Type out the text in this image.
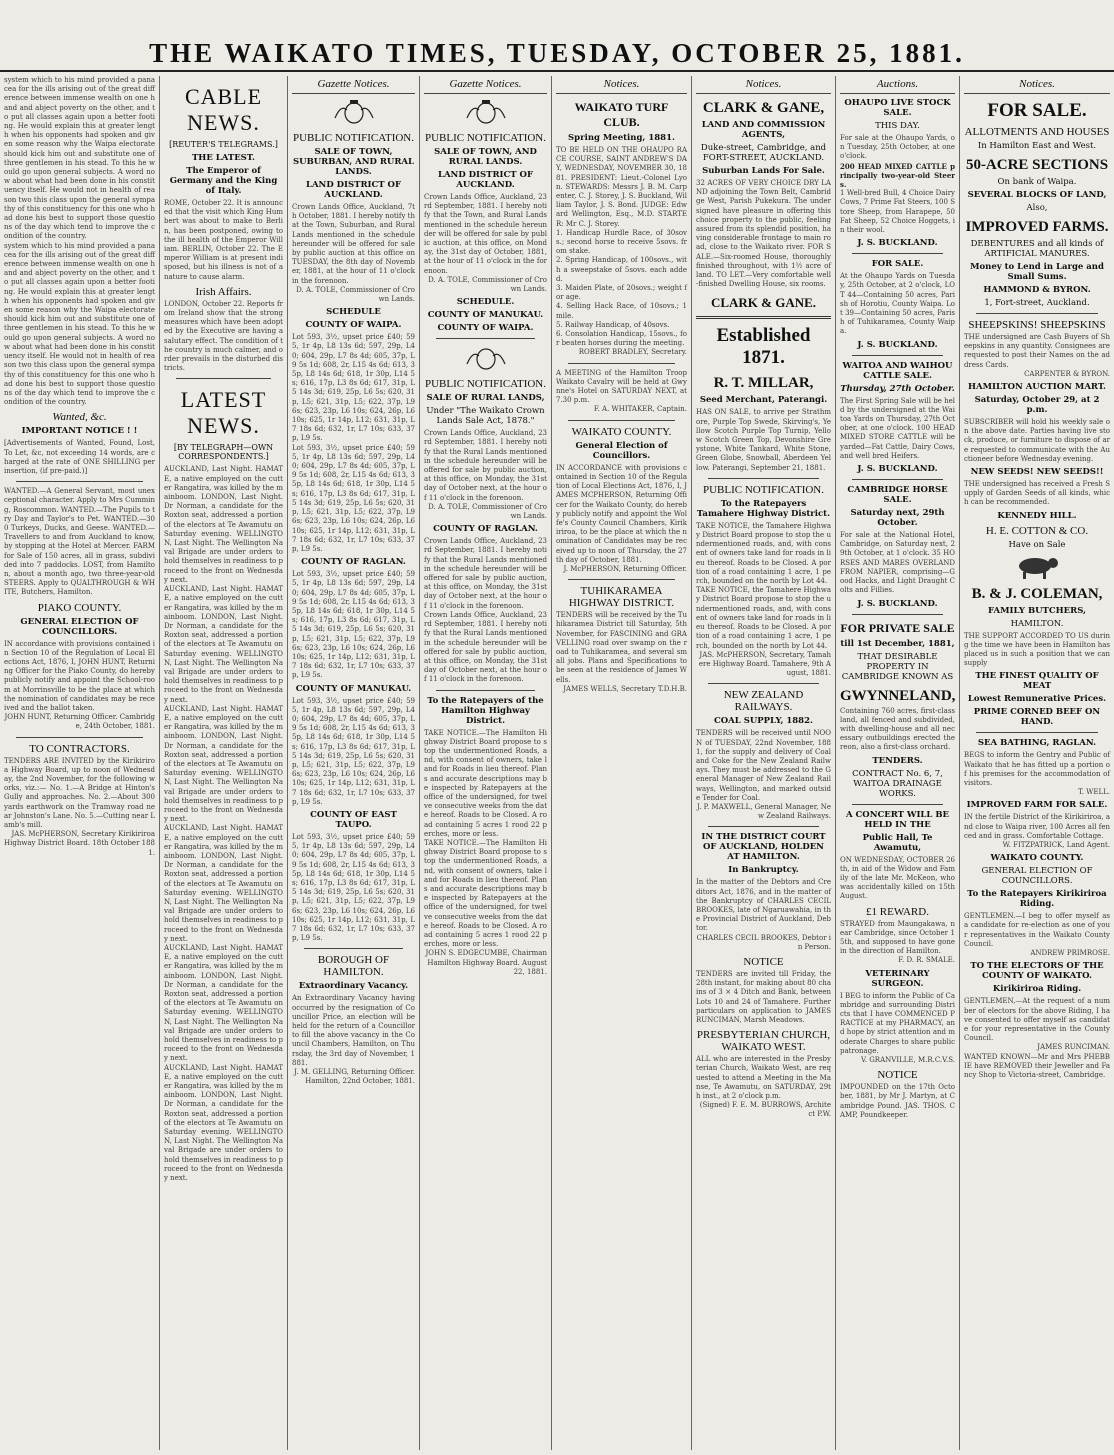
THE WAIKATO TIMES, TUESDAY, OCTOBER 25, 1881.
system which to his mind provided a panacea for the ills arising out of the great difference between immense wealth on one hand and abject poverty on the other, and to put all classes again upon a better footing. He would explain this at greater length when his opponents had spoken and given some reason why the Waipa electorate should kick him out and substitute one of three gentlemen in his stead. To this he would go upon general subjects. A word now about what had been done in his constituency itself. He would not in health of reason two this class upon the general sympathy of this constituency for this one who had done his best to support those questions of the day which tend to improve the condition of the country.
system which to his mind provided a panacea for the ills arising out of the great difference between immense wealth on one hand and abject poverty on the other, and to put all classes again upon a better footing. He would explain this at greater length when his opponents had spoken and given some reason why the Waipa electorate should kick him out and substitute one of three gentlemen in his stead. To this he would go upon general subjects. A word now about what had been done in his constituency itself. He would not in health of reason two this class upon the general sympathy of this constituency for this one who had done his best to support those questions of the day which tend to improve the condition of the country.
Wanted, &c.
IMPORTANT NOTICE ! !
[Advertisements of Wanted, Found, Lost, To Let, &c, not exceeding 14 words, are charged at the rate of ONE SHILLING per insertion, (if pre-paid.)]
WANTED.—A General Servant, most unexceptional character. Apply to Mrs Cumming, Roscommon. WANTED.—The Pupils to try Day and Taylor's to Pet. WANTED.—300 Turkeys, Ducks, and Geese. WANTED.—Travellers to and from Auckland to know, by stopping at the Hotel at Mercer. FARM for Sale of 150 acres, all in grass, subdivided into 7 paddocks. LOST, from Hamilton, about a month ago, two three-year-old STEERS. Apply to QUALTHROUGH & WHITE, Butchers, Hamilton.
PIAKO COUNTY.
GENERAL ELECTION OF COUNCILLORS.
IN accordance with provisions contained in Section 10 of the Regulation of Local Elections Act, 1876, I, JOHN HUNT, Returning Officer for the Piako County, do hereby publicly notify and appoint the School-room at Morrinsville to be the place at which the nomination of candidates may be received and the ballot taken.
JOHN HUNT, Returning Officer. Cambridge, 24th October, 1881.
TO CONTRACTORS.
TENDERS ARE INVITED by the Kirikiriroa Highway Board, up to noon of Wednesday, the 2nd November, for the following works, viz.:— No. 1.—A Bridge at Hinton's Gully and approaches. No. 2.—About 300 yards earthwork on the Tramway road near Johnston's Lane. No. 5.—Cutting near Lamb's mill.
JAS. McPHERSON, Secretary Kirikiriroa Highway District Board. 18th October 1881.
CABLE NEWS.
[REUTER'S TELEGRAMS.]
THE LATEST.
The Emperor of Germany and the King of Italy.
ROME, October 22. It is announced that the visit which King Humbert was about to make to Berlin, has been postponed, owing to the ill health of the Emperor William. BERLIN, October 22. The Emperor William is at present indisposed, but his illness is not of a nature to cause alarm.
Irish Affairs.
LONDON, October 22. Reports from Ireland show that the strong measures which have been adopted by the Executive are having a salutary effect. The condition of the country is much calmer, and order prevails in the disturbed districts.
LATEST NEWS.
[BY TELEGRAPH—OWN CORRESPONDENTS.]
AUCKLAND, Last Night. HAMATE, a native employed on the cutter Rangatira, was killed by the mainboom. LONDON, Last Night. Dr Norman, a candidate for the Roxton seat, addressed a portion of the electors at Te Awamutu on Saturday evening. WELLINGTON, Last Night. The Wellington Naval Brigade are under orders to hold themselves in readiness to proceed to the front on Wednesday next.
AUCKLAND, Last Night. HAMATE, a native employed on the cutter Rangatira, was killed by the mainboom. LONDON, Last Night. Dr Norman, a candidate for the Roxton seat, addressed a portion of the electors at Te Awamutu on Saturday evening. WELLINGTON, Last Night. The Wellington Naval Brigade are under orders to hold themselves in readiness to proceed to the front on Wednesday next.
AUCKLAND, Last Night. HAMATE, a native employed on the cutter Rangatira, was killed by the mainboom. LONDON, Last Night. Dr Norman, a candidate for the Roxton seat, addressed a portion of the electors at Te Awamutu on Saturday evening. WELLINGTON, Last Night. The Wellington Naval Brigade are under orders to hold themselves in readiness to proceed to the front on Wednesday next.
AUCKLAND, Last Night. HAMATE, a native employed on the cutter Rangatira, was killed by the mainboom. LONDON, Last Night. Dr Norman, a candidate for the Roxton seat, addressed a portion of the electors at Te Awamutu on Saturday evening. WELLINGTON, Last Night. The Wellington Naval Brigade are under orders to hold themselves in readiness to proceed to the front on Wednesday next.
AUCKLAND, Last Night. HAMATE, a native employed on the cutter Rangatira, was killed by the mainboom. LONDON, Last Night. Dr Norman, a candidate for the Roxton seat, addressed a portion of the electors at Te Awamutu on Saturday evening. WELLINGTON, Last Night. The Wellington Naval Brigade are under orders to hold themselves in readiness to proceed to the front on Wednesday next.
AUCKLAND, Last Night. HAMATE, a native employed on the cutter Rangatira, was killed by the mainboom. LONDON, Last Night. Dr Norman, a candidate for the Roxton seat, addressed a portion of the electors at Te Awamutu on Saturday evening. WELLINGTON, Last Night. The Wellington Naval Brigade are under orders to hold themselves in readiness to proceed to the front on Wednesday next.
Gazette Notices.
PUBLIC NOTIFICATION.
SALE OF TOWN, SUBURBAN, AND RURAL LANDS.
LAND DISTRICT OF AUCKLAND.
Crown Lands Office, Auckland, 7th October, 1881. I hereby notify that the Town, Suburban, and Rural Lands mentioned in the schedule hereunder will be offered for sale by public auction at this office on TUESDAY, the 8th day of November, 1881, at the hour of 11 o'clock in the forenoon.
D. A. TOLE, Commissioner of Crown Lands.
SCHEDULE
COUNTY OF WAIPA.
Lot 593, 3½, upset price £40; 595, 1r 4p, L8 13s 6d; 597, 29p, L40; 604, 29p, L7 8s 4d; 605, 37p, L9 5s 1d; 608, 2r, L15 4s 6d; 613, 35p, L8 14s 6d; 618, 1r 30p, L14 5s; 616, 17p, L3 8s 6d; 617, 31p, L5 14s 3d; 619, 25p, L6 5s; 620, 31p, L5; 621, 31p, L5; 622, 37p, L9 6s; 623, 23p, L6 10s; 624, 26p, L6 10s; 625, 1r 14p, L12; 631, 31p, L7 18s 6d; 632, 1r, L7 10s; 633, 37p, L9 5s.
Lot 593, 3½, upset price £40; 595, 1r 4p, L8 13s 6d; 597, 29p, L40; 604, 29p, L7 8s 4d; 605, 37p, L9 5s 1d; 608, 2r, L15 4s 6d; 613, 35p, L8 14s 6d; 618, 1r 30p, L14 5s; 616, 17p, L3 8s 6d; 617, 31p, L5 14s 3d; 619, 25p, L6 5s; 620, 31p, L5; 621, 31p, L5; 622, 37p, L9 6s; 623, 23p, L6 10s; 624, 26p, L6 10s; 625, 1r 14p, L12; 631, 31p, L7 18s 6d; 632, 1r, L7 10s; 633, 37p, L9 5s.
COUNTY OF RAGLAN.
Lot 593, 3½, upset price £40; 595, 1r 4p, L8 13s 6d; 597, 29p, L40; 604, 29p, L7 8s 4d; 605, 37p, L9 5s 1d; 608, 2r, L15 4s 6d; 613, 35p, L8 14s 6d; 618, 1r 30p, L14 5s; 616, 17p, L3 8s 6d; 617, 31p, L5 14s 3d; 619, 25p, L6 5s; 620, 31p, L5; 621, 31p, L5; 622, 37p, L9 6s; 623, 23p, L6 10s; 624, 26p, L6 10s; 625, 1r 14p, L12; 631, 31p, L7 18s 6d; 632, 1r, L7 10s; 633, 37p, L9 5s.
COUNTY OF MANUKAU.
Lot 593, 3½, upset price £40; 595, 1r 4p, L8 13s 6d; 597, 29p, L40; 604, 29p, L7 8s 4d; 605, 37p, L9 5s 1d; 608, 2r, L15 4s 6d; 613, 35p, L8 14s 6d; 618, 1r 30p, L14 5s; 616, 17p, L3 8s 6d; 617, 31p, L5 14s 3d; 619, 25p, L6 5s; 620, 31p, L5; 621, 31p, L5; 622, 37p, L9 6s; 623, 23p, L6 10s; 624, 26p, L6 10s; 625, 1r 14p, L12; 631, 31p, L7 18s 6d; 632, 1r, L7 10s; 633, 37p, L9 5s.
COUNTY OF EAST TAUPO.
Lot 593, 3½, upset price £40; 595, 1r 4p, L8 13s 6d; 597, 29p, L40; 604, 29p, L7 8s 4d; 605, 37p, L9 5s 1d; 608, 2r, L15 4s 6d; 613, 35p, L8 14s 6d; 618, 1r 30p, L14 5s; 616, 17p, L3 8s 6d; 617, 31p, L5 14s 3d; 619, 25p, L6 5s; 620, 31p, L5; 621, 31p, L5; 622, 37p, L9 6s; 623, 23p, L6 10s; 624, 26p, L6 10s; 625, 1r 14p, L12; 631, 31p, L7 18s 6d; 632, 1r, L7 10s; 633, 37p, L9 5s.
BOROUGH OF HAMILTON.
Extraordinary Vacancy.
An Extraordinary Vacancy having occurred by the resignation of Councillor Price, an election will be held for the return of a Councillor to fill the above vacancy in the Council Chambers, Hamilton, on Thursday, the 3rd day of November, 1881.
J. M. GELLING, Returning Officer. Hamilton, 22nd October, 1881.
Gazette Notices.
PUBLIC NOTIFICATION.
SALE OF TOWN, AND RURAL LANDS.
LAND DISTRICT OF AUCKLAND.
Crown Lands Office, Auckland, 23rd September, 1881. I hereby notify that the Town, and Rural Lands mentioned in the schedule hereunder will be offered for sale by public auction, at this office, on Monday, the 31st day of October, 1881, at the hour of 11 o'clock in the forenoon.
D. A. TOLE, Commissioner of Crown Lands.
SCHEDULE.
COUNTY OF MANUKAU.
COUNTY OF WAIPA.
PUBLIC NOTIFICATION.
SALE OF RURAL LANDS,
Under "The Waikato Crown Lands Sale Act, 1878."
Crown Lands Office, Auckland, 23rd September, 1881. I hereby notify that the Rural Lands mentioned in the schedule hereunder will be offered for sale by public auction, at this office, on Monday, the 31st day of October next, at the hour of 11 o'clock in the forenoon.
D. A. TOLE, Commissioner of Crown Lands.
COUNTY OF RAGLAN.
Crown Lands Office, Auckland, 23rd September, 1881. I hereby notify that the Rural Lands mentioned in the schedule hereunder will be offered for sale by public auction, at this office, on Monday, the 31st day of October next, at the hour of 11 o'clock in the forenoon.
Crown Lands Office, Auckland, 23rd September, 1881. I hereby notify that the Rural Lands mentioned in the schedule hereunder will be offered for sale by public auction, at this office, on Monday, the 31st day of October next, at the hour of 11 o'clock in the forenoon.
To the Ratepayers of the Hamilton Highway District.
TAKE NOTICE.—The Hamilton Highway District Board propose to stop the undermentioned Roads, and, with consent of owners, take land for Roads in lieu thereof. Plans and accurate descriptions may be inspected by Ratepayers at the office of the undersigned, for twelve consecutive weeks from the date hereof. Roads to be Closed. A road containing 5 acres 1 rood 22 perches, more or less.
TAKE NOTICE.—The Hamilton Highway District Board propose to stop the undermentioned Roads, and, with consent of owners, take land for Roads in lieu thereof. Plans and accurate descriptions may be inspected by Ratepayers at the office of the undersigned, for twelve consecutive weeks from the date hereof. Roads to be Closed. A road containing 5 acres 1 rood 22 perches, more or less.
JOHN S. EDGECUMBE, Chairman Hamilton Highway Board. August 22, 1881.
Notices.
WAIKATO TURF CLUB.
Spring Meeting, 1881.
TO BE HELD ON THE OHAUPO RACE COURSE, SAINT ANDREW'S DAY, WEDNESDAY, NOVEMBER 30, 1881. PRESIDENT: Lieut.-Colonel Lyon. STEWARDS: Messrs J. B. M. Carpenter, C. J. Storey, J. S. Buckland, William Taylor, J. S. Bond. JUDGE: Edward Wellington, Esq., M.D. STARTER: Mr C. J. Storey.
1. Handicap Hurdle Race, of 30sovs.; second horse to receive 5sovs. from stake.
2. Spring Handicap, of 100sovs., with a sweepstake of 5sovs. each added.
3. Maiden Plate, of 20sovs.; weight for age.
4. Selling Hack Race, of 10sovs.; 1 mile.
5. Railway Handicap, of 40sovs.
6. Consolation Handicap, 15sovs., for beaten horses during the meeting.
ROBERT BRADLEY, Secretary.
A MEETING of the Hamilton Troop Waikato Cavalry will be held at Gwynne's Hotel on SATURDAY NEXT, at 7.30 p.m.
F. A. WHITAKER, Captain.
WAIKATO COUNTY.
General Election of Councillors.
IN ACCORDANCE with provisions contained in Section 10 of the Regulation of Local Elections Act, 1876, I, JAMES MCPHERSON, Returning Officer for the Waikato County, do hereby publicly notify and appoint the Wolfe's County Council Chambers, Kirikiriroa, to be the place at which the nomination of Candidates may be received up to noon of Thursday, the 27th day of October, 1881.
J. McPHERSON, Returning Officer.
TUHIKARAMEA HIGHWAY DISTRICT.
TENDERS will be received by the Tuhikaramea District till Saturday, 5th November, for FASCINING and GRAVELLING road over swamp on the road to Tuhikaramea, and several small jobs. Plans and Specifications to be seen at the residence of James Wells.
JAMES WELLS, Secretary T.D.H.B.
Notices.
CLARK & GANE,
LAND AND COMMISSION AGENTS,
Duke-street, Cambridge, and FORT-STREET, AUCKLAND.
Suburban Lands For Sale.
32 ACRES OF VERY CHOICE DRY LAND adjoining the Town Belt, Cambridge West, Parish Pukekura. The undersigned have pleasure in offering this choice property to the public, feeling assured from its splendid position, having considerable frontage to main road, close to the Waikato river. FOR SALE.—Six-roomed House, thoroughly finished throughout, with 1½ acre of land. TO LET.—Very comfortable well-finished Dwelling House, six rooms.
CLARK & GANE.
Established 1871.
R. T. MILLAR,
Seed Merchant, Paterangi.
HAS ON SALE, to arrive per Strathmore, Purple Top Swede, Skirving's, Yellow Scotch Purple Top Turnip, Yellow Scotch Green Top, Devonshire Greystone, White Tankard, White Stone, Green Globe, Snowball, Aberdeen Yellow. Paterangi, September 21, 1881.
PUBLIC NOTIFICATION.
To the Ratepayers Tamahere Highway District.
TAKE NOTICE, the Tamahere Highway District Board propose to stop the undermentioned roads, and, with consent of owners take land for roads in lieu thereof. Roads to be Closed. A portion of a road containing 1 acre, 1 perch, bounded on the north by Lot 44.
TAKE NOTICE, the Tamahere Highway District Board propose to stop the undermentioned roads, and, with consent of owners take land for roads in lieu thereof. Roads to be Closed. A portion of a road containing 1 acre, 1 perch, bounded on the north by Lot 44.
JAS. McPHERSON, Secretary, Tamahere Highway Board. Tamahere, 9th August, 1881.
NEW ZEALAND RAILWAYS.
COAL SUPPLY, 1882.
TENDERS will be received until NOON of TUESDAY, 22nd November, 1881, for the supply and delivery of Coal and Coke for the New Zealand Railways. They must be addressed to the General Manager of New Zealand Railways, Wellington, and marked outside Tender for Coal.
J. P. MAXWELL, General Manager, New Zealand Railways.
IN THE DISTRICT COURT OF AUCKLAND, HOLDEN AT HAMILTON.
In Bankruptcy.
In the matter of the Debtors and Creditors Act, 1876, and in the matter of the Bankruptcy of CHARLES CECIL BROOKES, late of Ngaruawahia, in the Provincial District of Auckland, Debtor.
CHARLES CECIL BROOKES, Debtor in Person.
NOTICE
TENDERS are invited till Friday, the 28th instant, for making about 80 chains of 3 × 4 Ditch and Bank, between Lots 10 and 24 of Tamahere. Further particulars on application to JAMES RUNCIMAN, Marsh Meadows.
PRESBYTERIAN CHURCH, WAIKATO WEST.
ALL who are interested in the Presbyterian Church, Waikato West, are requested to attend a Meeting in the Manse, Te Awamutu, on SATURDAY, 29th inst., at 2 o'clock p.m.
(Signed) F. E. M. BURROWS, Architect P.W.
Auctions.
OHAUPO LIVE STOCK SALE.
THIS DAY.
For sale at the Ohaupo Yards, on Tuesday, 25th October, at one o'clock.
200 HEAD MIXED CATTLE principally two-year-old Steers.
1 Well-bred Bull, 4 Choice Dairy Cows, 7 Prime Fat Steers, 100 Store Sheep, from Harapepe, 50 Fat Sheep, 52 Choice Hoggets, in their wool.
J. S. BUCKLAND.
FOR SALE.
At the Ohaupo Yards on Tuesday, 25th October, at 2 o'clock, LOT 44—Containing 50 acres, Parish of Horotiu, County Waipa. Lot 39—Containing 50 acres, Parish of Tuhikaramea, County Waipa.
J. S. BUCKLAND.
WAITOA AND WAIHOU CATTLE SALE.
Thursday, 27th October.
The First Spring Sale will be held by the undersigned at the Waitoa Yards on Thursday, 27th October, at one o'clock. 100 HEAD MIXED STORE CATTLE will be yarded—Fat Cattle, Dairy Cows, and well bred Heifers.
J. S. BUCKLAND.
CAMBRIDGE HORSE SALE.
Saturday next, 29th October.
For sale at the National Hotel, Cambridge, on Saturday next, 29th October, at 1 o'clock. 35 HORSES AND MARES OVERLAND FROM NAPIER, comprising—Good Hacks, and Light Draught Colts and Fillies.
J. S. BUCKLAND.
FOR PRIVATE SALE
till 1st December, 1881,
THAT DESIRABLE PROPERTY IN CAMBRIDGE KNOWN AS
GWYNNELAND,
Containing 760 acres, first-class land, all fenced and subdivided, with dwelling-house and all necessary outbuildings erected thereon, also a first-class orchard.
TENDERS.
CONTRACT No. 6, 7, WAITOA DRAINAGE WORKS.
A CONCERT WILL BE HELD IN THE
Public Hall, Te Awamutu,
ON WEDNESDAY, OCTOBER 26th, in aid of the Widow and Family of the late Mr. McKeon, who was accidentally killed on 15th August.
£1 REWARD.
STRAYED from Maungakawa, near Cambridge, since October 15th, and supposed to have gone in the direction of Hamilton.
F. D. R. SMALE.
VETERINARY SURGEON.
I BEG to inform the Public of Cambridge and surrounding Districts that I have COMMENCED PRACTICE at my PHARMACY, and hope by strict attention and moderate Charges to share public patronage.
V. GRANVILLE, M.R.C.V.S.
NOTICE
IMPOUNDED on the 17th October, 1881, by Mr J. Martyn, at Cambridge Pound. JAS. THOS. CAMP, Poundkeeper.
Notices.
FOR SALE.
ALLOTMENTS AND HOUSES
In Hamilton East and West.
50-ACRE SECTIONS
On bank of Waipa.
SEVERAL BLOCKS OF LAND,
Also,
IMPROVED FARMS.
DEBENTURES and all kinds of ARTIFICIAL MANURES.
Money to Lend in Large and Small Sums.
HAMMOND & BYRON.
1, Fort-street, Auckland.
SHEEPSKINS! SHEEPSKINS
THE undersigned are Cash Buyers of Sheepskins in any quantity. Consignees are requested to post their Names on the address Cards.
CARPENTER & BYRON.
HAMILTON AUCTION MART.
Saturday, October 29, at 2 p.m.
SUBSCRIBER will hold his weekly sale on the above date. Parties having live stock, produce, or furniture to dispose of are requested to communicate with the Auctioneer before Wednesday evening.
NEW SEEDS! NEW SEEDS!!
THE undersigned has received a Fresh Supply of Garden Seeds of all kinds, which can be recommended.
KENNEDY HILL.
H. E. COTTON & CO.
Have on Sale
B. & J. COLEMAN,
FAMILY BUTCHERS,
HAMILTON.
THE SUPPORT ACCORDED TO US during the time we have been in Hamilton has placed us in such a position that we can supply
THE FINEST QUALITY OF MEAT
Lowest Remunerative Prices.
PRIME CORNED BEEF ON HAND.
SEA BATHING, RAGLAN.
BEGS to inform the Gentry and Public of Waikato that he has fitted up a portion of his premises for the accommodation of visitors.
T. WELL.
IMPROVED FARM FOR SALE.
IN the fertile District of the Kirikiriroa, and close to Waipa river, 100 Acres all fenced and in grass. Comfortable Cottage.
W. FITZPATRICK, Land Agent.
WAIKATO COUNTY.
GENERAL ELECTION OF COUNCILLORS.
To the Ratepayers Kirikiriroa Riding.
GENTLEMEN.—I beg to offer myself as a candidate for re-election as one of your representatives in the Waikato County Council.
ANDREW PRIMROSE.
TO THE ELECTORS OF THE COUNTY OF WAIKATO.
Kirikiriroa Riding.
GENTLEMEN,—At the request of a number of electors for the above Riding, I have consented to offer myself as candidate for your representative in the County Council.
JAMES RUNCIMAN.
WANTED KNOWN—Mr and Mrs PHEBBIE have REMOVED their Jeweller and Fancy Shop to Victoria-street, Cambridge.
